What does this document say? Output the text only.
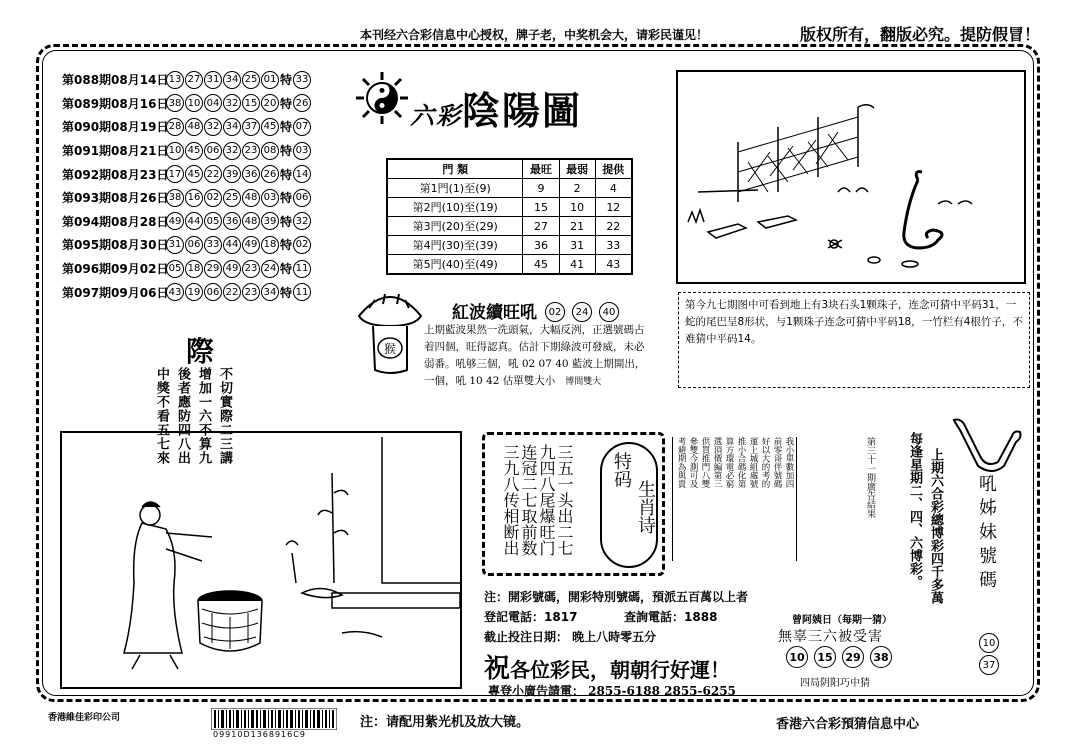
本刊经六合彩信息中心授权，牌子老，中奖机会大，请彩民谨见！	版权所有，翻版必究。提防假冒！
第088期08月14日 13 27 31 34 25 01 特 33
第089期08月16日 38 10 04 32 15 20 特 26
第090期08月19日 28 48 32 34 37 45 特 07
第091期08月21日 10 45 06 32 23 08 特 03
第092期08月23日 17 45 22 39 36 26 特 14
第093期08月26日 38 16 02 25 48 03 特 06
第094期08月28日 49 44 05 36 48 39 特 32
第095期08月30日 31 06 33 44 49 18 特 02
第096期09月02日 05 18 29 49 23 24 特 11
第097期09月06日 43 19 06 22 23 34 特 11
際
不切實際二三講
增加一六不算九
後者應防四八出
中獎不看五七來
六彩陰陽圖
門 類	最旺	最弱	提供
第1門(1)至(9)	9	2	4
第2門(10)至(19)	15	10	12
第3門(20)至(29)	27	21	22
第4門(30)至(39)	36	31	33
第5門(40)至(49)	45	41	43
猴
紅波續旺吼	02	24	40
上期藍波果然一洗頭氣，大幅反洌，正選號碼占
着四個，旺得認真。估計下期綠波可發威，未必
弱番。吼够三個，吼 02 07 40 藍波上期開出，
一個，吼 10 42 估單雙大小 博間雙大
第今九七期图中可看到地上有3块石头1颗珠子，连念可猜中平码31，一蛇的尾巴呈8形状，与1颗珠子连念可猜中平码18，一竹栏有4根竹子，不难猜中平码14。
三五一头出二七
九四八尾爆旺门
连冠二七取前数
三九八传相断出	特码
生肖诗
我小單數加四
前零哥伴號碼
好以大的考的
運上城組處號
推小合碼化第
算方環電必窮
選頂價編第三
供買推門八雙
參雙今測可及
考避期為與貴	第三十一期廣告結果
注：開彩號碼，開彩特別號碼，預派五百萬以上者
登記電話：1817	查詢電話：1888
截止投注日期： 晚上八時零五分
祝各位彩民，朝朝行好運！
專登小廣告請電： 2855-6188 2855-6255
曾阿姨日（每期一猜）
無辜三六被受害
10	15	29	38
四局阴阳巧中猜
每逢星期二、四、六博彩。 上期六合彩總博彩四千多萬 吼姊妹號碼
10
37
香港維佳彩印公司
09910D1368916C9
注：请配用紫光机及放大镜。	香港六合彩預猜信息中心
